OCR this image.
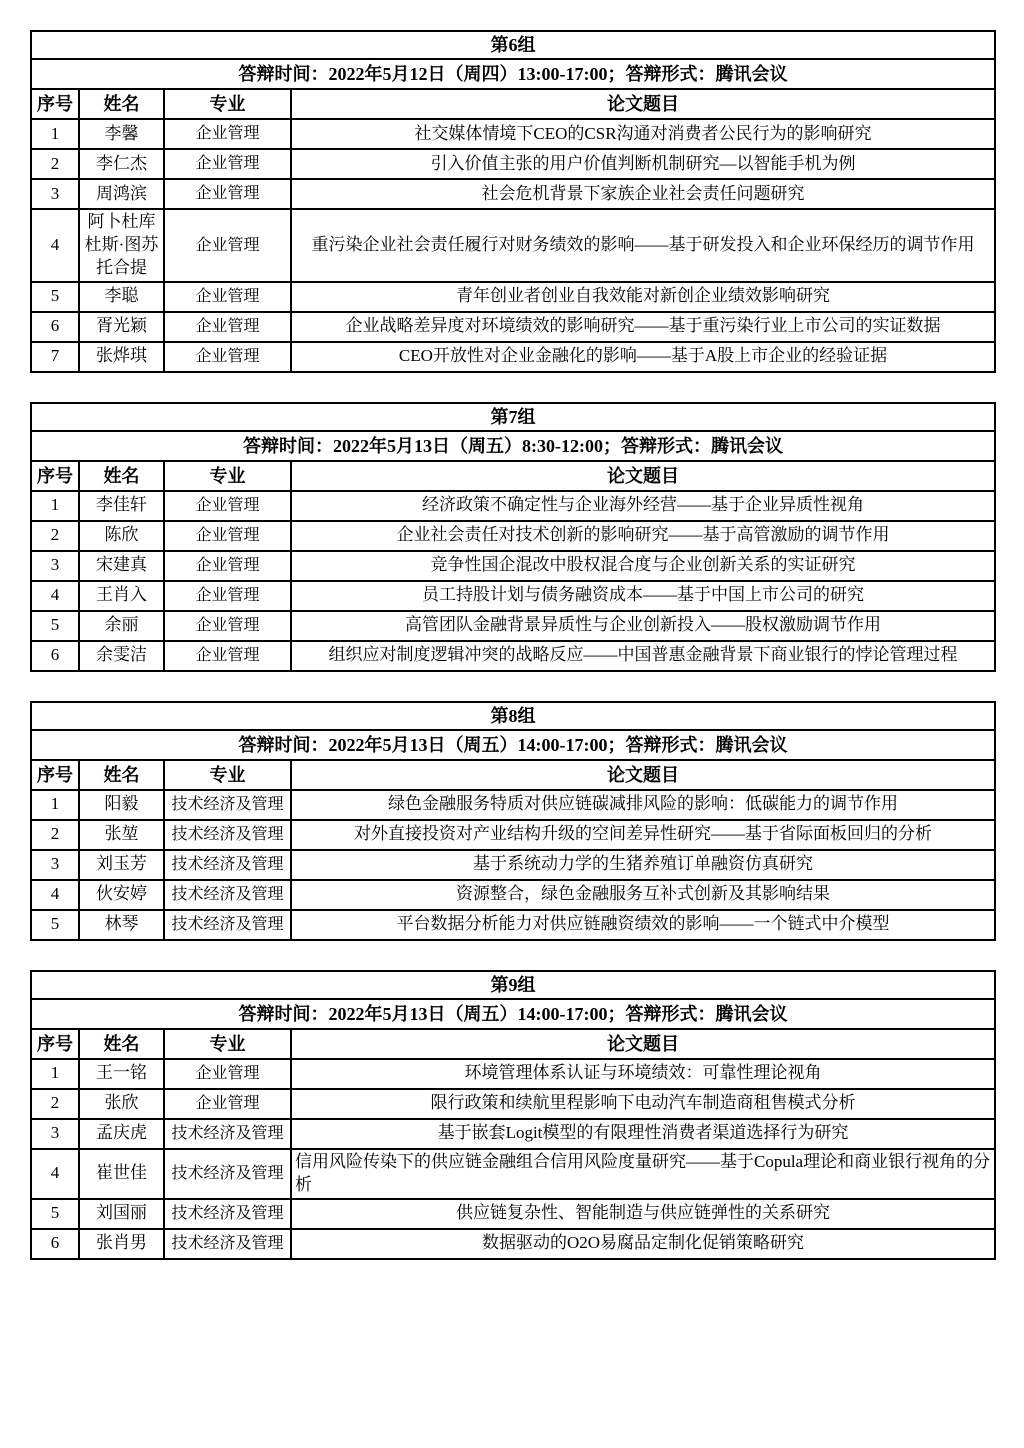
第6组			
答辩时间：2022年5月12日（周四）13:00-17:00；答辩形式：腾讯会议			
序号	姓名	专业	论文题目
1	李馨	企业管理	社交媒体情境下CEO的CSR沟通对消费者公民行为的影响研究
2	李仁杰	企业管理	引入价值主张的用户价值判断机制研究—以智能手机为例
3	周鸿滨	企业管理	社会危机背景下家族企业社会责任问题研究
4	阿卜杜库杜斯·图苏托合提	企业管理	重污染企业社会责任履行对财务绩效的影响——基于研发投入和企业环保经历的调节作用
5	李聪	企业管理	青年创业者创业自我效能对新创企业绩效影响研究
6	胥光颖	企业管理	企业战略差异度对环境绩效的影响研究——基于重污染行业上市公司的实证数据
7	张烨琪	企业管理	CEO开放性对企业金融化的影响——基于A股上市企业的经验证据
第7组			
答辩时间：2022年5月13日（周五）8:30-12:00；答辩形式：腾讯会议			
序号	姓名	专业	论文题目
1	李佳轩	企业管理	经济政策不确定性与企业海外经营——基于企业异质性视角
2	陈欣	企业管理	企业社会责任对技术创新的影响研究——基于高管激励的调节作用
3	宋建真	企业管理	竞争性国企混改中股权混合度与企业创新关系的实证研究
4	王肖入	企业管理	员工持股计划与债务融资成本——基于中国上市公司的研究
5	余丽	企业管理	高管团队金融背景异质性与企业创新投入——股权激励调节作用
6	余雯洁	企业管理	组织应对制度逻辑冲突的战略反应——中国普惠金融背景下商业银行的悖论管理过程
第8组			
答辩时间：2022年5月13日（周五）14:00-17:00；答辩形式：腾讯会议			
序号	姓名	专业	论文题目
1	阳毅	技术经济及管理	绿色金融服务特质对供应链碳减排风险的影响：低碳能力的调节作用
2	张堃	技术经济及管理	对外直接投资对产业结构升级的空间差异性研究——基于省际面板回归的分析
3	刘玉芳	技术经济及管理	基于系统动力学的生猪养殖订单融资仿真研究
4	伙安婷	技术经济及管理	资源整合，绿色金融服务互补式创新及其影响结果
5	林琴	技术经济及管理	平台数据分析能力对供应链融资绩效的影响——一个链式中介模型
第9组			
答辩时间：2022年5月13日（周五）14:00-17:00；答辩形式：腾讯会议			
序号	姓名	专业	论文题目
1	王一铭	企业管理	环境管理体系认证与环境绩效：可靠性理论视角
2	张欣	企业管理	限行政策和续航里程影响下电动汽车制造商租售模式分析
3	孟庆虎	技术经济及管理	基于嵌套Logit模型的有限理性消费者渠道选择行为研究
4	崔世佳	技术经济及管理	信用风险传染下的供应链金融组合信用风险度量研究——基于Copula理论和商业银行视角的分析
5	刘国丽	技术经济及管理	供应链复杂性、智能制造与供应链弹性的关系研究
6	张肖男	技术经济及管理	数据驱动的O2O易腐品定制化促销策略研究
